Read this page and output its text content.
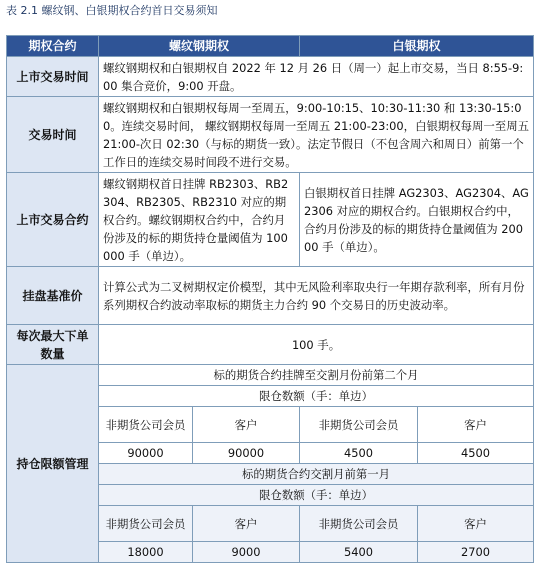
表 2.1 螺纹钢、白银期权合约首日交易须知
期权合约	螺纹钢期权		白银期权	
上市交易时间	螺纹钢期权和白银期权自 2022 年 12 月 26 日（周一）起上市交易，当日 8:55-9:00 集合竞价，9:00 开盘。			
交易时间	螺纹钢期权和白银期权每周一至周五，9:00-10:15、10:30-11:30 和 13:30-15:00。连续交易时间， 螺纹钢期权每周一至周五 21:00-23:00，白银期权每周一至周五 21:00-次日 02:30（与标的期货一致）。法定节假日（不包含周六和周日）前第一个工作日的连续交易时间段不进行交易。			
上市交易合约	螺纹钢期权首日挂牌 RB2303、RB2304、RB2305、RB2310 对应的期权合约。螺纹钢期权合约中，合约月份涉及的标的期货持仓量阈值为 100000 手（单边）。		白银期权首日挂牌 AG2303、AG2304、AG2306 对应的期权合约。白银期权合约中，合约月份涉及的标的期货持仓量阈值为 20000 手（单边）。	
挂盘基准价	计算公式为二叉树期权定价模型，其中无风险利率取央行一年期存款利率，所有月份系列期权合约波动率取标的期货主力合约 90 个交易日的历史波动率。			
每次最大下单数量	100 手。			
持仓限额管理	标的期货合约挂牌至交割月份前第二个月			
	限仓数额（手：单边）			
	非期货公司会员	客户	非期货公司会员	客户
	90000	90000	4500	4500
	标的期货合约交割月前第一月			
	限仓数额（手：单边）			
	非期货公司会员	客户	非期货公司会员	客户
	18000	9000	5400	2700
